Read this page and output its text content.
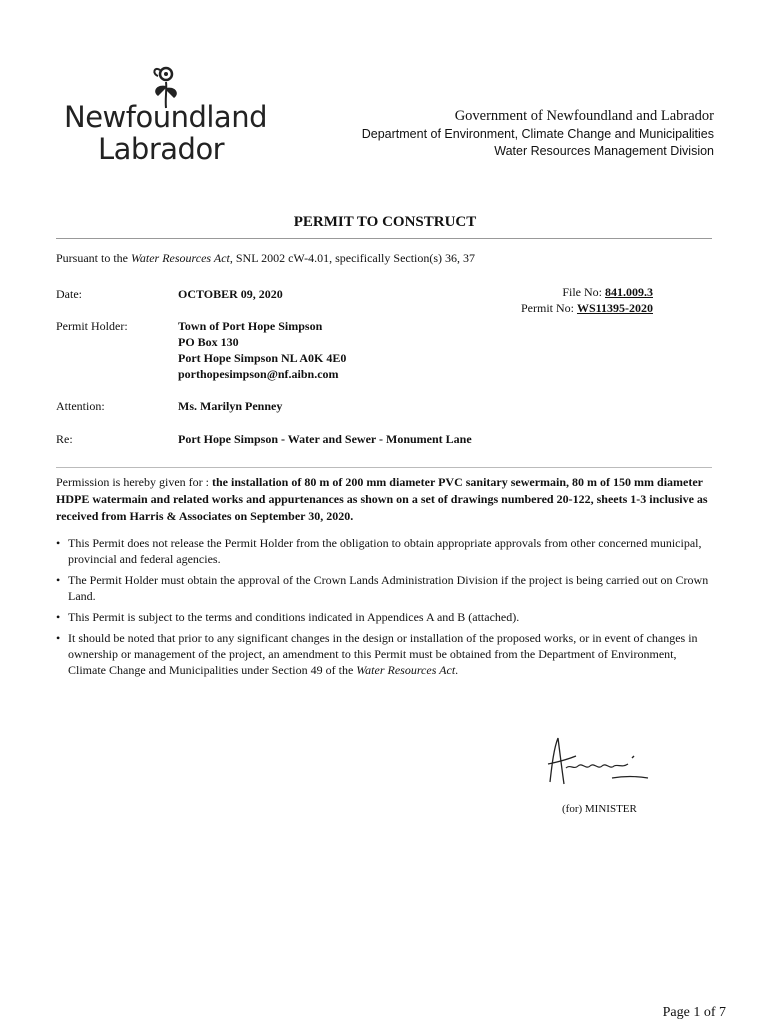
Newfoundland
Labrador
Government of Newfoundland and Labrador
Department of Environment, Climate Change and Municipalities
Water Resources Management Division
PERMIT TO CONSTRUCT
Pursuant to the Water Resources Act, SNL 2002 cW-4.01, specifically Section(s) 36, 37
Date:	OCTOBER 09, 2020	File No: 841.009.3
Permit No: WS11395-2020
Permit Holder:	Town of Port Hope Simpson
PO Box 130
Port Hope Simpson NL A0K 4E0
porthopesimpson@nf.aibn.com
Attention:	Ms. Marilyn Penney
Re:	Port Hope Simpson - Water and Sewer - Monument Lane
Permission is hereby given for : the installation of 80 m of 200 mm diameter PVC sanitary sewermain, 80 m of 150 mm diameter HDPE watermain and related works and appurtenances as shown on a set of drawings numbered 20-122, sheets 1-3 inclusive as received from Harris & Associates on September 30, 2020.
• This Permit does not release the Permit Holder from the obligation to obtain appropriate approvals from other concerned municipal, provincial and federal agencies.
• The Permit Holder must obtain the approval of the Crown Lands Administration Division if the project is being carried out on Crown Land.
• This Permit is subject to the terms and conditions indicated in Appendices A and B (attached).
• It should be noted that prior to any significant changes in the design or installation of the proposed works, or in event of changes in ownership or management of the project, an amendment to this Permit must be obtained from the Department of Environment, Climate Change and Municipalities under Section 49 of the Water Resources Act.
(for) MINISTER
Page 1 of 7
